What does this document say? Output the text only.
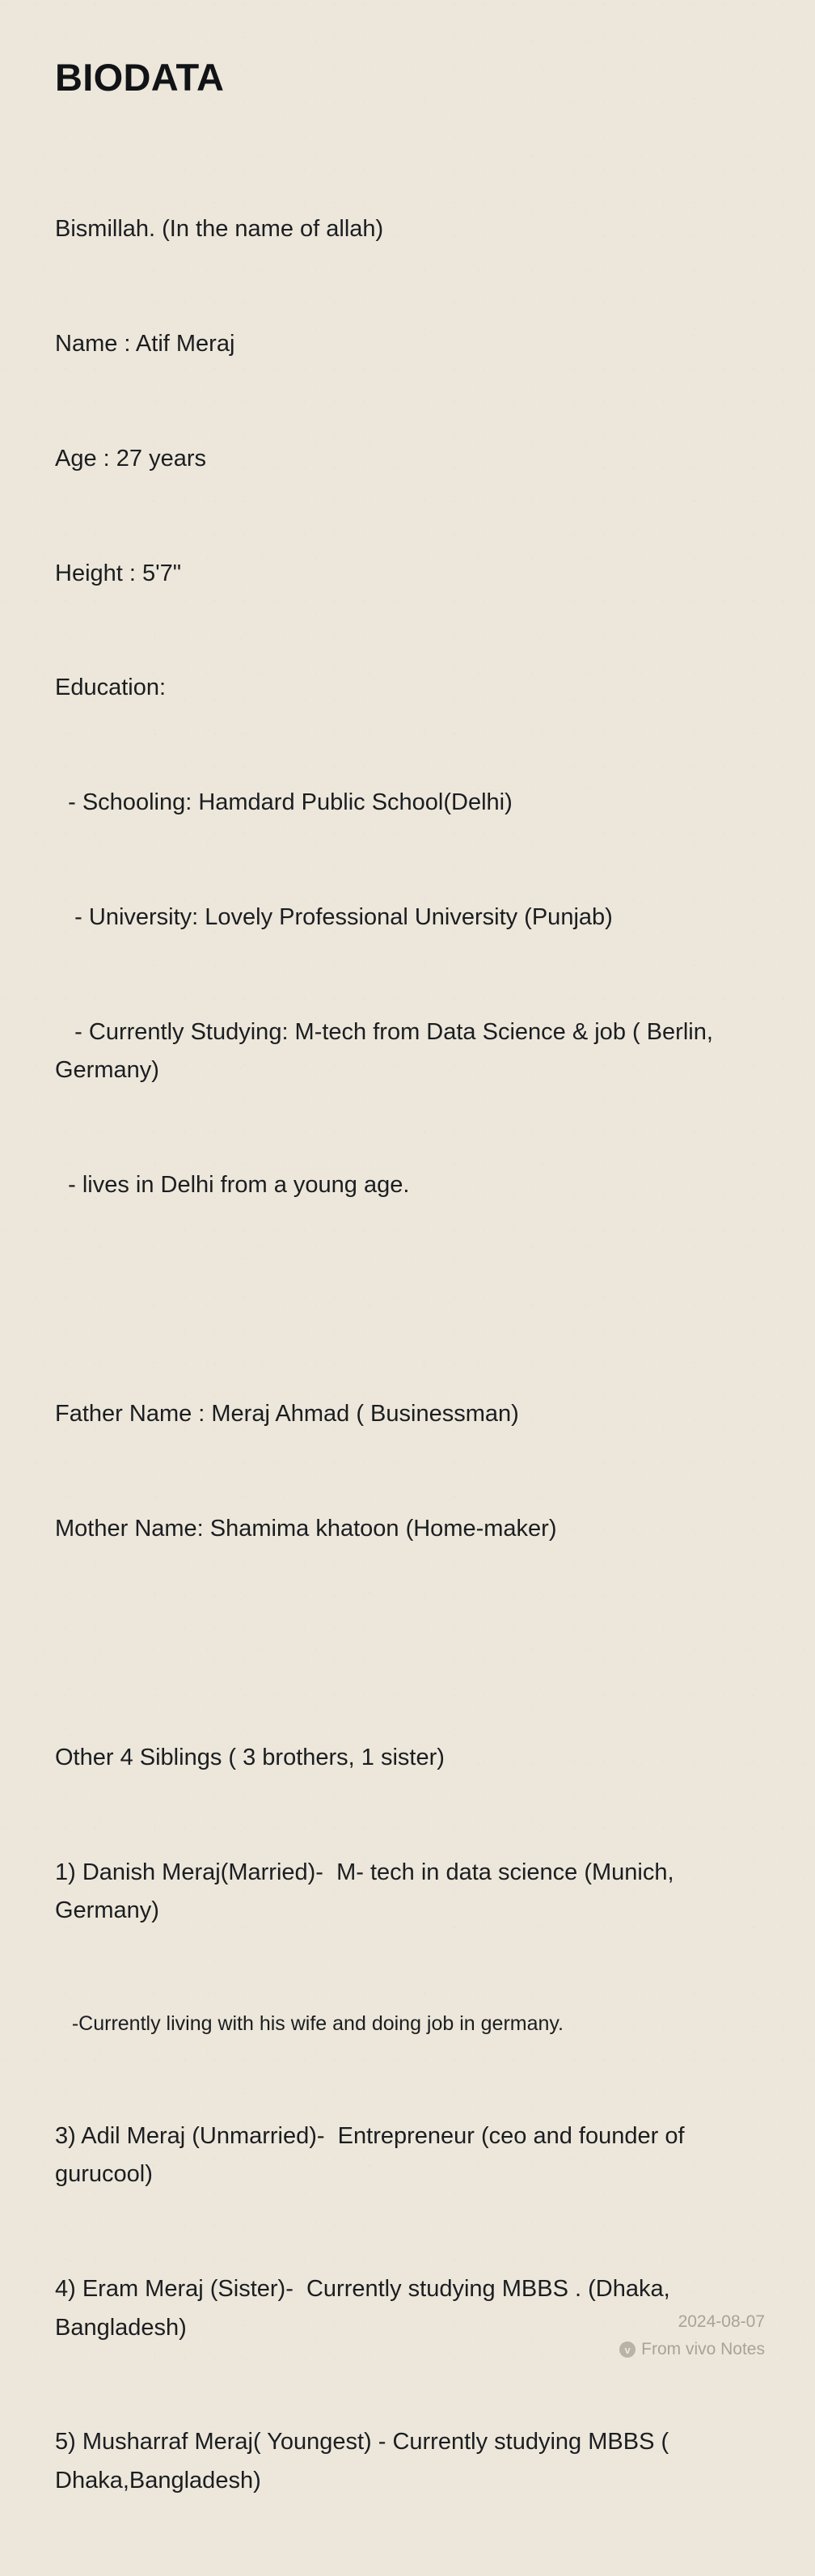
BIODATA

Bismillah. (In the name of allah)

Name : Atif Meraj

Age : 27 years

Height : 5'7"

Education:

- Schooling: Hamdard Public School(Delhi)

- University: Lovely Professional University (Punjab)

- Currently Studying: M-tech from Data Science & job ( Berlin, Germany)

- lives in Delhi from a young age.

Father Name : Meraj Ahmad ( Businessman)

Mother Name: Shamima khatoon (Home-maker)

Other 4 Siblings ( 3 brothers, 1 sister)

1) Danish Meraj(Married)-  M- tech in data science (Munich, Germany)

-Currently living with his wife and doing job in germany.

3) Adil Meraj (Unmarried)-  Entrepreneur (ceo and founder of gurucool)

4) Eram Meraj (Sister)-  Currently studying MBBS . (Dhaka, Bangladesh)

5) Musharraf Meraj( Youngest) - Currently studying MBBS ( Dhaka,Bangladesh)

2024-08-07
v From vivo Notes
